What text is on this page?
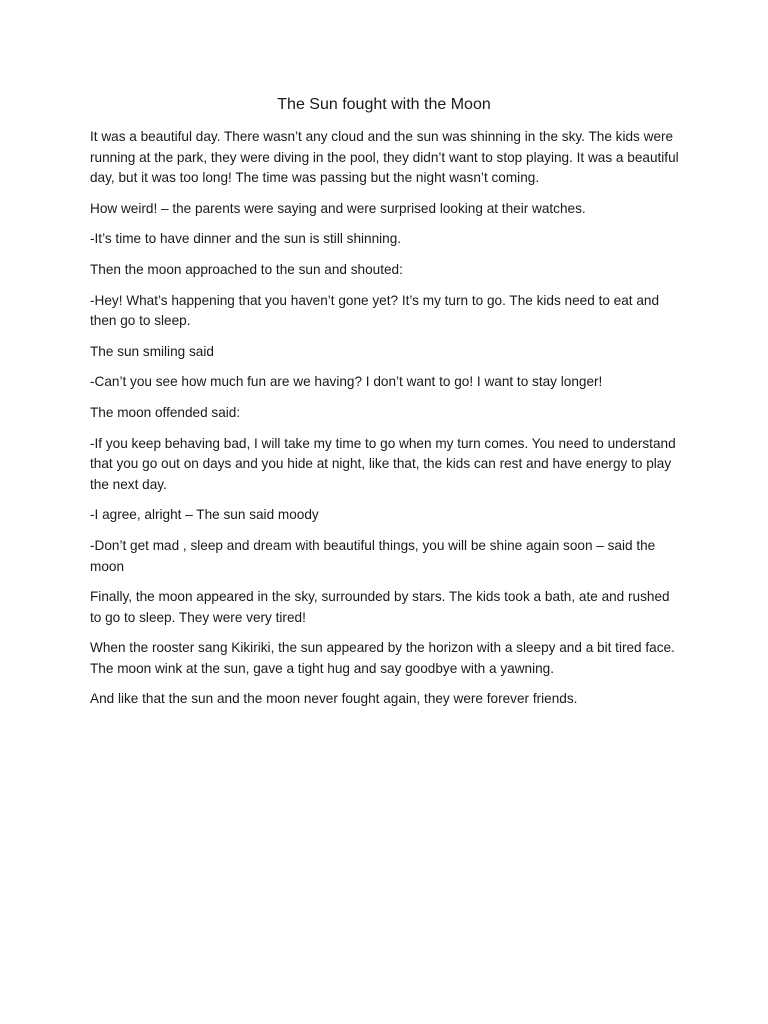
The Sun fought with the Moon

It was a beautiful day. There wasn’t any cloud and the sun was shinning in the sky. The kids were running at the park, they were diving in the pool, they didn’t want to stop playing. It was a beautiful day, but it was too long! The time was passing but the night wasn’t coming.

How weird! – the parents were saying and were surprised looking at their watches.

-It’s time to have dinner and the sun is still shinning.

Then the moon approached to the sun and shouted:

-Hey! What’s happening that you haven’t gone yet? It’s my turn to go. The kids need to eat and then go to sleep.

The sun smiling said

-Can’t you see how much fun are we having? I don’t want to go! I want to stay longer!

The moon offended said:

-If you keep behaving bad, I will take my time to go when my turn comes. You need to understand that you go out on days and you hide at night, like that, the kids can rest and have energy to play the next day.

-I agree, alright – The sun said moody

-Don’t get mad , sleep and dream with beautiful things, you will be shine again soon – said the moon

Finally, the moon appeared in the sky, surrounded by stars. The kids took a bath, ate and rushed to go to sleep. They were very tired!

When the rooster sang Kikiriki, the sun appeared by the horizon with a sleepy and a bit tired face. The moon wink at the sun, gave a tight hug and say goodbye with a yawning.

And like that the sun and the moon never fought again, they were forever friends.
